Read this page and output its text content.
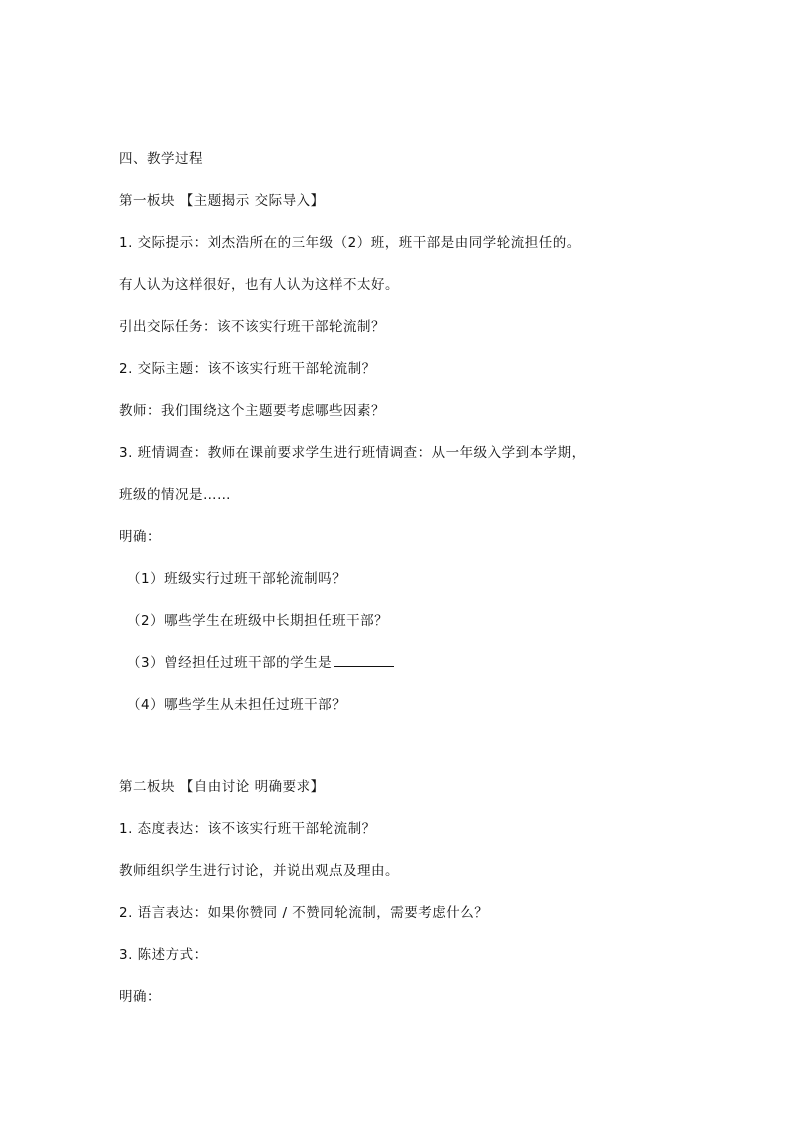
四、教学过程
第一板块 【主题揭示 交际导入】
1. 交际提示：刘杰浩所在的三年级（2）班，班干部是由同学轮流担任的。
有人认为这样很好，也有人认为这样不太好。
引出交际任务：该不该实行班干部轮流制？
2. 交际主题：该不该实行班干部轮流制？
教师：我们围绕这个主题要考虑哪些因素？
3. 班情调查：教师在课前要求学生进行班情调查：从一年级入学到本学期，
班级的情况是……
明确：
（1）班级实行过班干部轮流制吗？
（2）哪些学生在班级中长期担任班干部？
（3）曾经担任过班干部的学生是
（4）哪些学生从未担任过班干部？
第二板块 【自由讨论 明确要求】
1. 态度表达：该不该实行班干部轮流制？
教师组织学生进行讨论，并说出观点及理由。
2. 语言表达：如果你赞同 / 不赞同轮流制，需要考虑什么？
3. 陈述方式：
明确：
